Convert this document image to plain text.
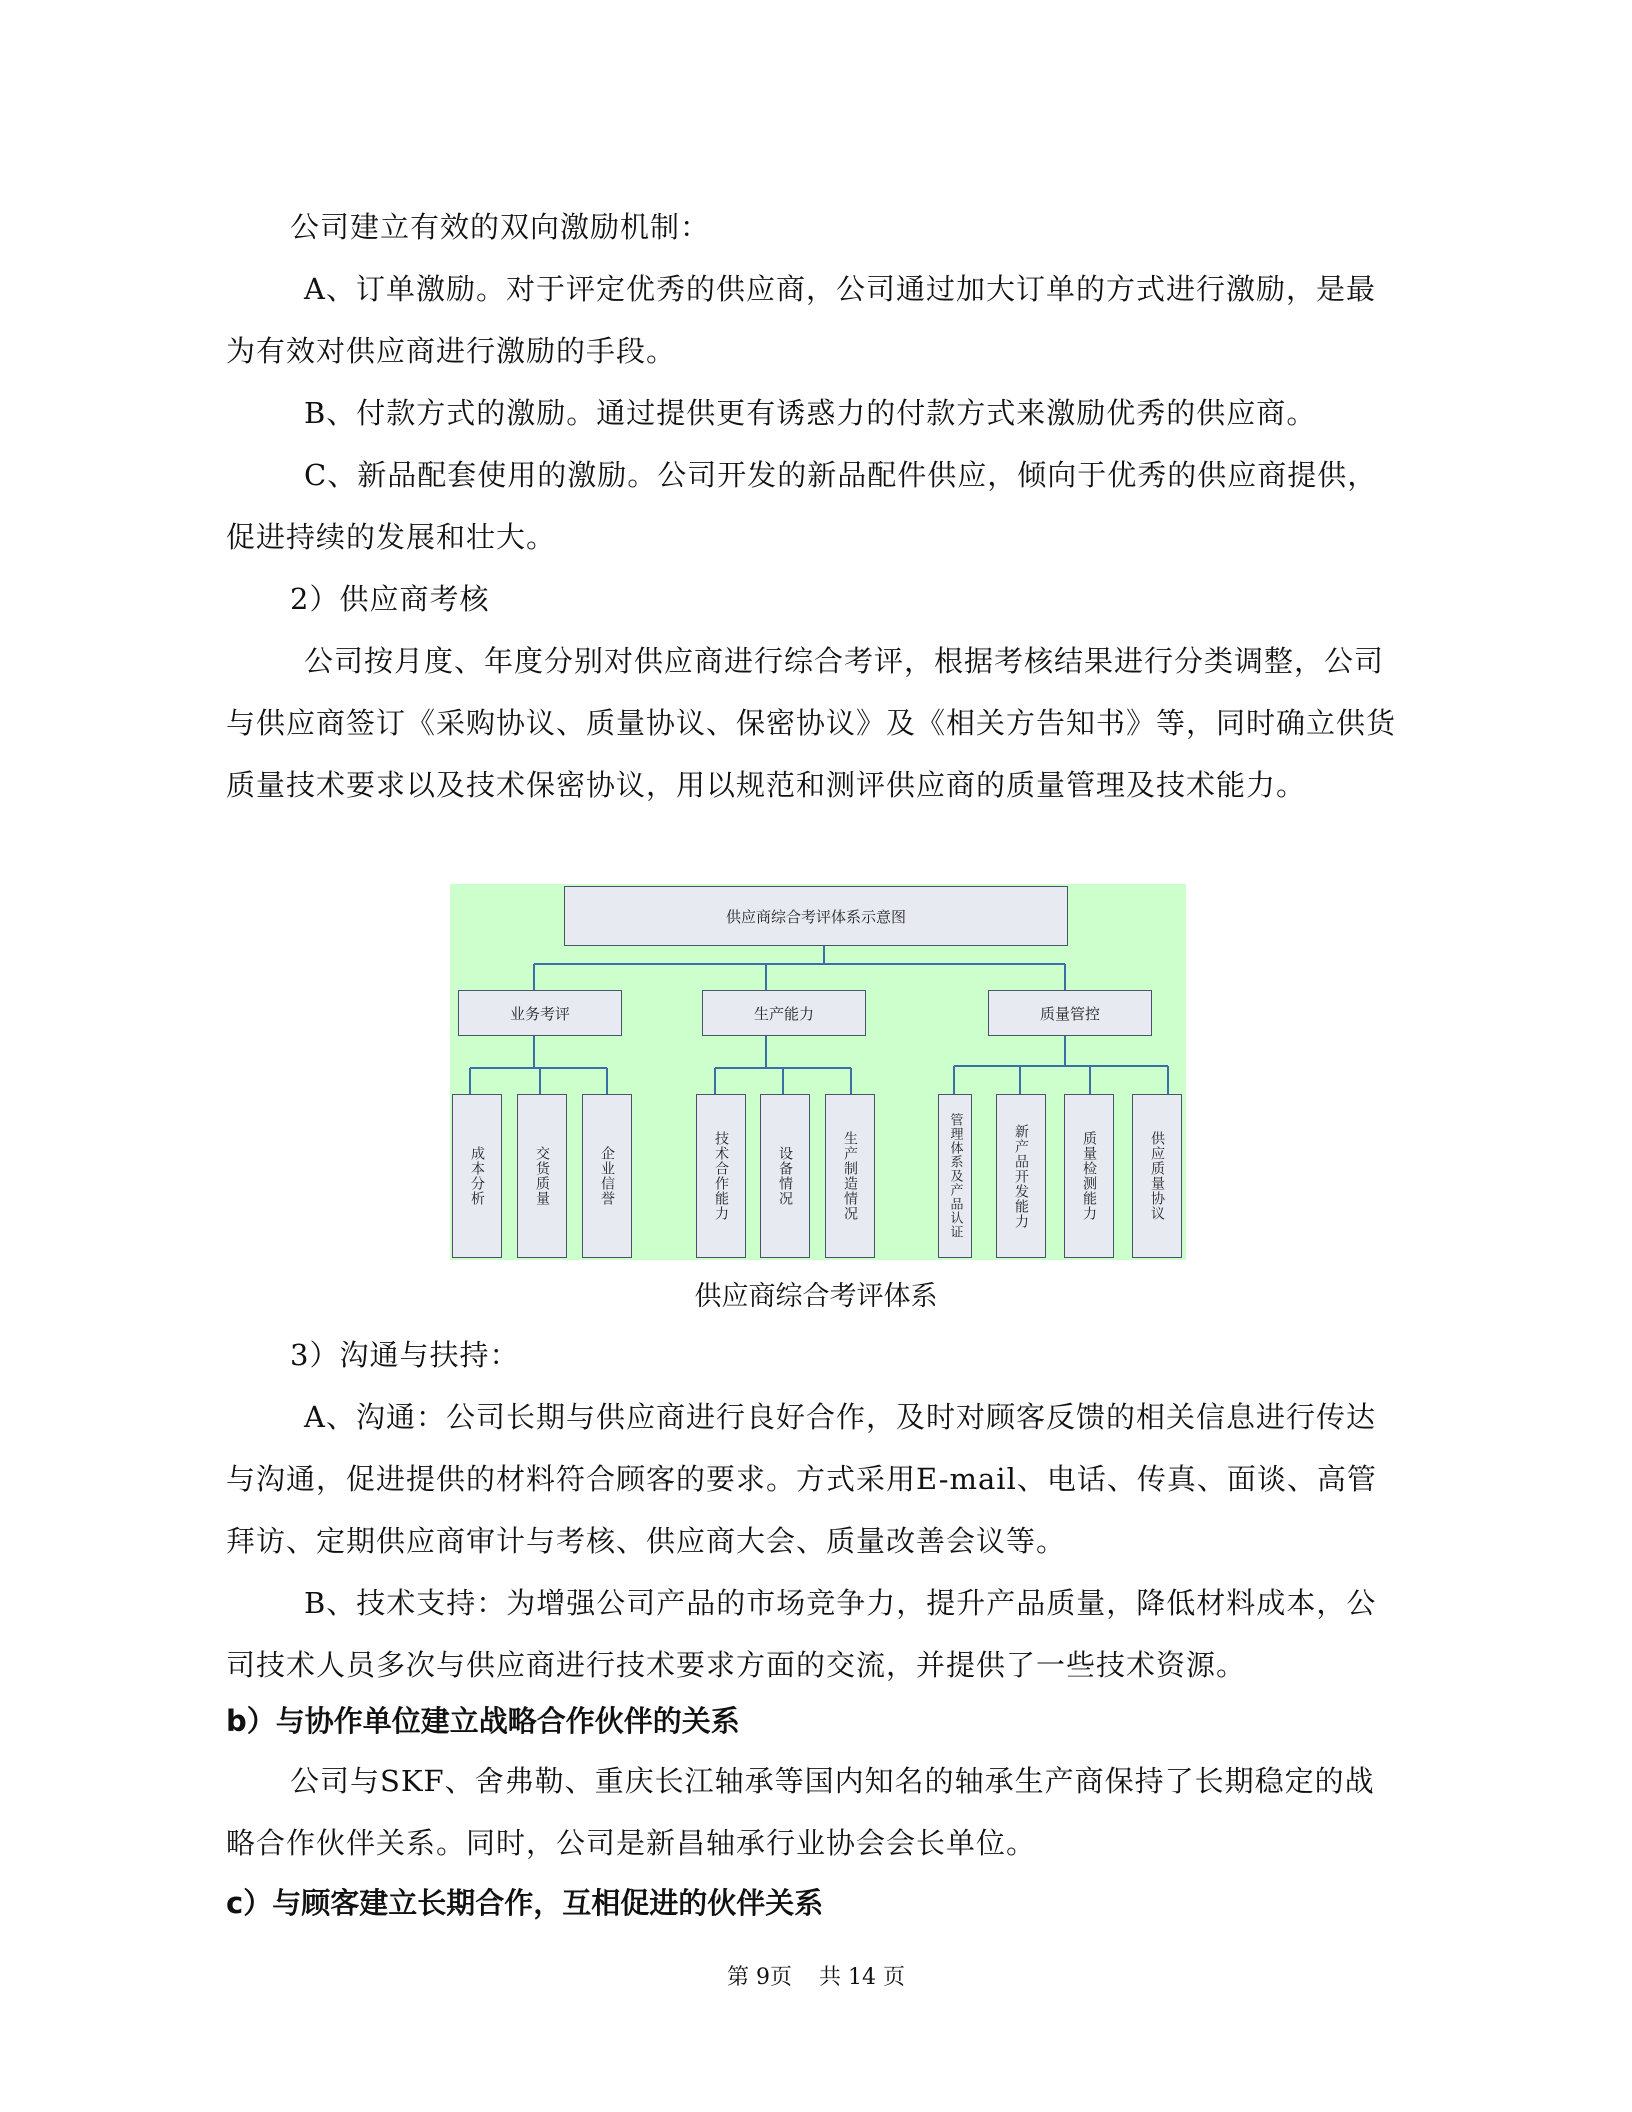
公司建立有效的双向激励机制：

A、订单激励。对于评定优秀的供应商，公司通过加大订单的方式进行激励，是最为有效对供应商进行激励的手段。

B、付款方式的激励。通过提供更有诱惑力的付款方式来激励优秀的供应商。

C、新品配套使用的激励。公司开发的新品配件供应，倾向于优秀的供应商提供，促进持续的发展和壮大。

2）供应商考核

公司按月度、年度分别对供应商进行综合考评，根据考核结果进行分类调整，公司与供应商签订《采购协议、质量协议、保密协议》及《相关方告知书》等，同时确立供货质量技术要求以及技术保密协议，用以规范和测评供应商的质量管理及技术能力。

供应商综合考评体系示意图
业务考评	生产能力	质量管控
成本分析	交货质量	企业信誉	技术合作能力	设备情况	生产制造情况	管理体系及产品认证	新产品开发能力	质量检测能力	供应质量协议

供应商综合考评体系

3）沟通与扶持：

A、沟通：公司长期与供应商进行良好合作，及时对顾客反馈的相关信息进行传达与沟通，促进提供的材料符合顾客的要求。方式采用E-mail、电话、传真、面谈、高管拜访、定期供应商审计与考核、供应商大会、质量改善会议等。

B、技术支持：为增强公司产品的市场竞争力，提升产品质量，降低材料成本，公司技术人员多次与供应商进行技术要求方面的交流，并提供了一些技术资源。

b）与协作单位建立战略合作伙伴的关系

公司与SKF、舍弗勒、重庆长江轴承等国内知名的轴承生产商保持了长期稳定的战略合作伙伴关系。同时，公司是新昌轴承行业协会会长单位。

c）与顾客建立长期合作，互相促进的伙伴关系

第 9页 共 14 页
